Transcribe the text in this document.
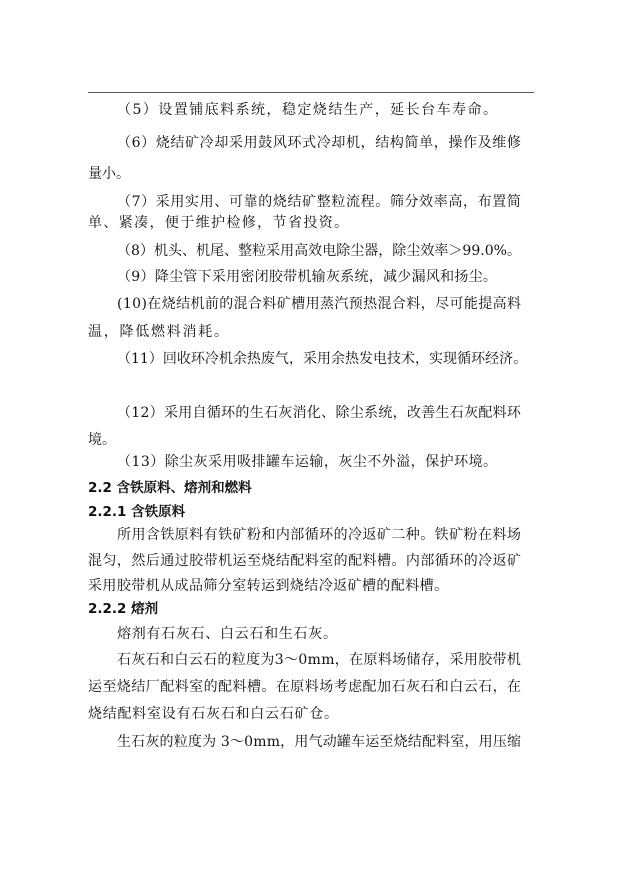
（5）设置铺底料系统，稳定烧结生产，延长台车寿命。
（6）烧结矿冷却采用鼓风环式冷却机，结构简单，操作及维修
量小。
（7）采用实用、可靠的烧结矿整粒流程。筛分效率高，布置简
单、紧凑，便于维护检修，节省投资。
（8）机头、机尾、整粒采用高效电除尘器，除尘效率＞99.0%。
（9）降尘管下采用密闭胶带机输灰系统，减少漏风和扬尘。
(10)在烧结机前的混合料矿槽用蒸汽预热混合料，尽可能提高料
温，降低燃料消耗。
（11）回收环冷机余热废气，采用余热发电技术，实现循环经济。
（12）采用自循环的生石灰消化、除尘系统，改善生石灰配料环
境。
（13）除尘灰采用吸排罐车运输，灰尘不外溢，保护环境。
2.2 含铁原料、熔剂和燃料
2.2.1 含铁原料
所用含铁原料有铁矿粉和内部循环的冷返矿二种。铁矿粉在料场
混匀，然后通过胶带机运至烧结配料室的配料槽。内部循环的冷返矿
采用胶带机从成品筛分室转运到烧结冷返矿槽的配料槽。
2.2.2 熔剂
熔剂有石灰石、白云石和生石灰。
石灰石和白云石的粒度为3～0mm，在原料场储存，采用胶带机
运至烧结厂配料室的配料槽。在原料场考虑配加石灰石和白云石，在
烧结配料室设有石灰石和白云石矿仓。
生石灰的粒度为 3～0mm，用气动罐车运至烧结配料室，用压缩
